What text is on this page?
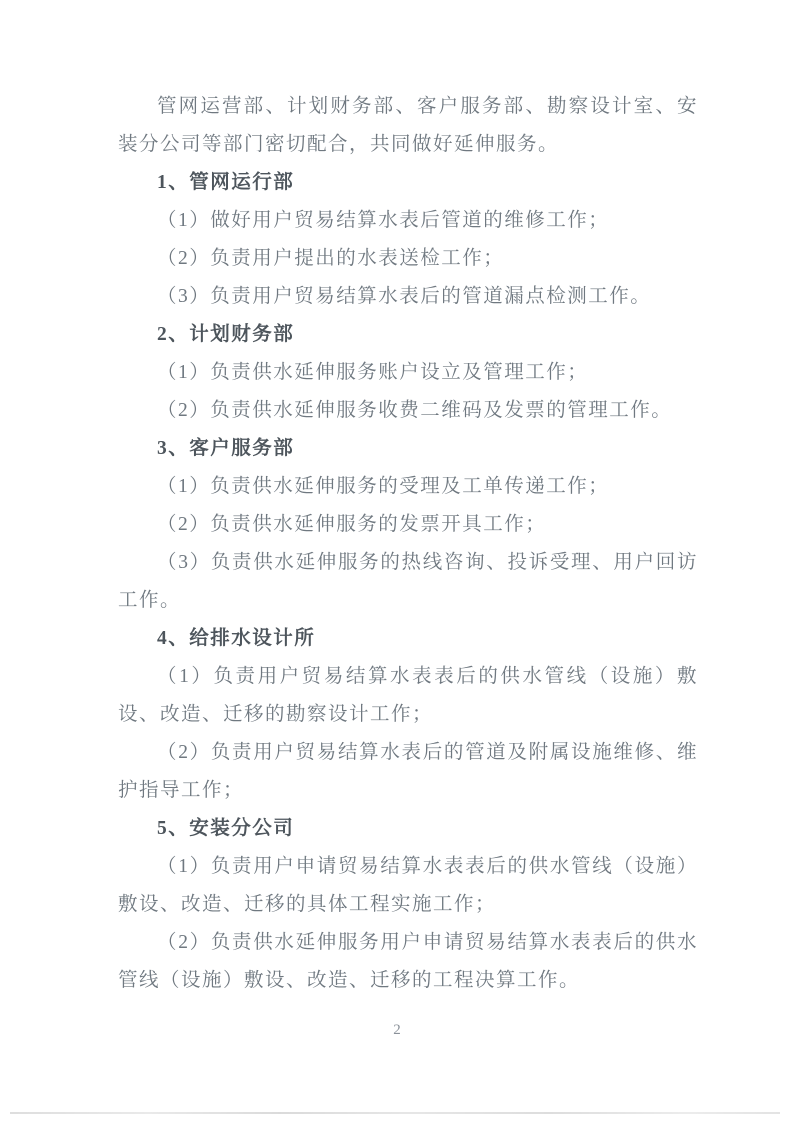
管网运营部、计划财务部、客户服务部、勘察设计室、安装分公司等部门密切配合，共同做好延伸服务。

1、管网运行部

（1）做好用户贸易结算水表后管道的维修工作；

（2）负责用户提出的水表送检工作；

（3）负责用户贸易结算水表后的管道漏点检测工作。

2、计划财务部

（1）负责供水延伸服务账户设立及管理工作；

（2）负责供水延伸服务收费二维码及发票的管理工作。

3、客户服务部

（1）负责供水延伸服务的受理及工单传递工作；

（2）负责供水延伸服务的发票开具工作；

（3）负责供水延伸服务的热线咨询、投诉受理、用户回访工作。

4、给排水设计所

（1）负责用户贸易结算水表表后的供水管线（设施）敷设、改造、迁移的勘察设计工作；

（2）负责用户贸易结算水表后的管道及附属设施维修、维护指导工作；

5、安装分公司

（1）负责用户申请贸易结算水表表后的供水管线（设施）敷设、改造、迁移的具体工程实施工作；

（2）负责供水延伸服务用户申请贸易结算水表表后的供水管线（设施）敷设、改造、迁移的工程决算工作。

2
